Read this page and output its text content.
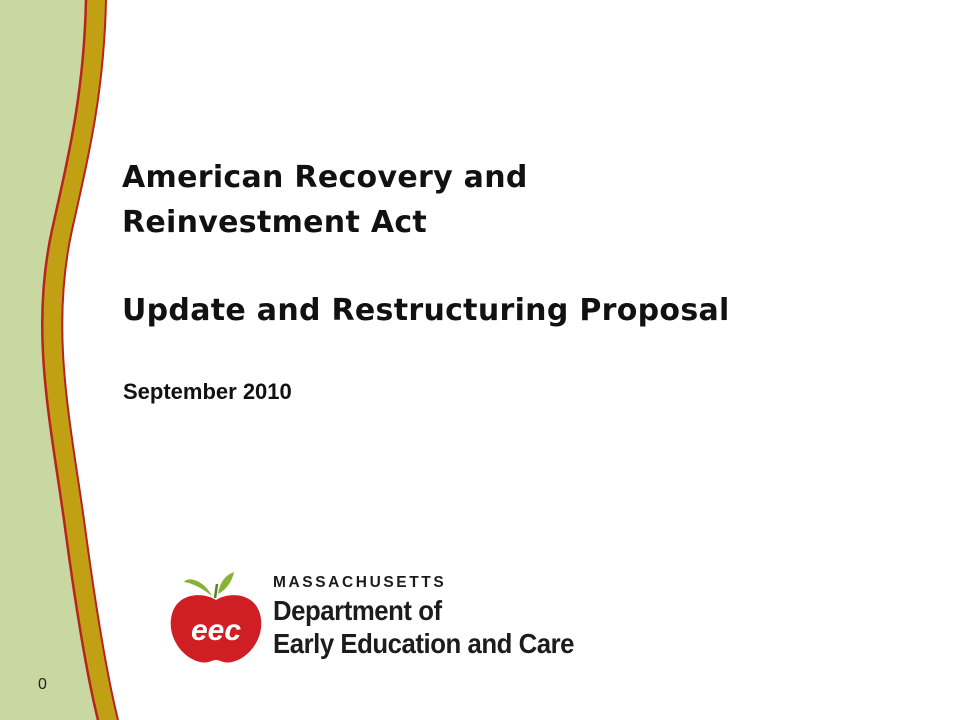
American Recovery and
Reinvestment Act
Update and Restructuring Proposal
September 2010
eec
MASSACHUSETTS
Department of
Early Education and Care
0
